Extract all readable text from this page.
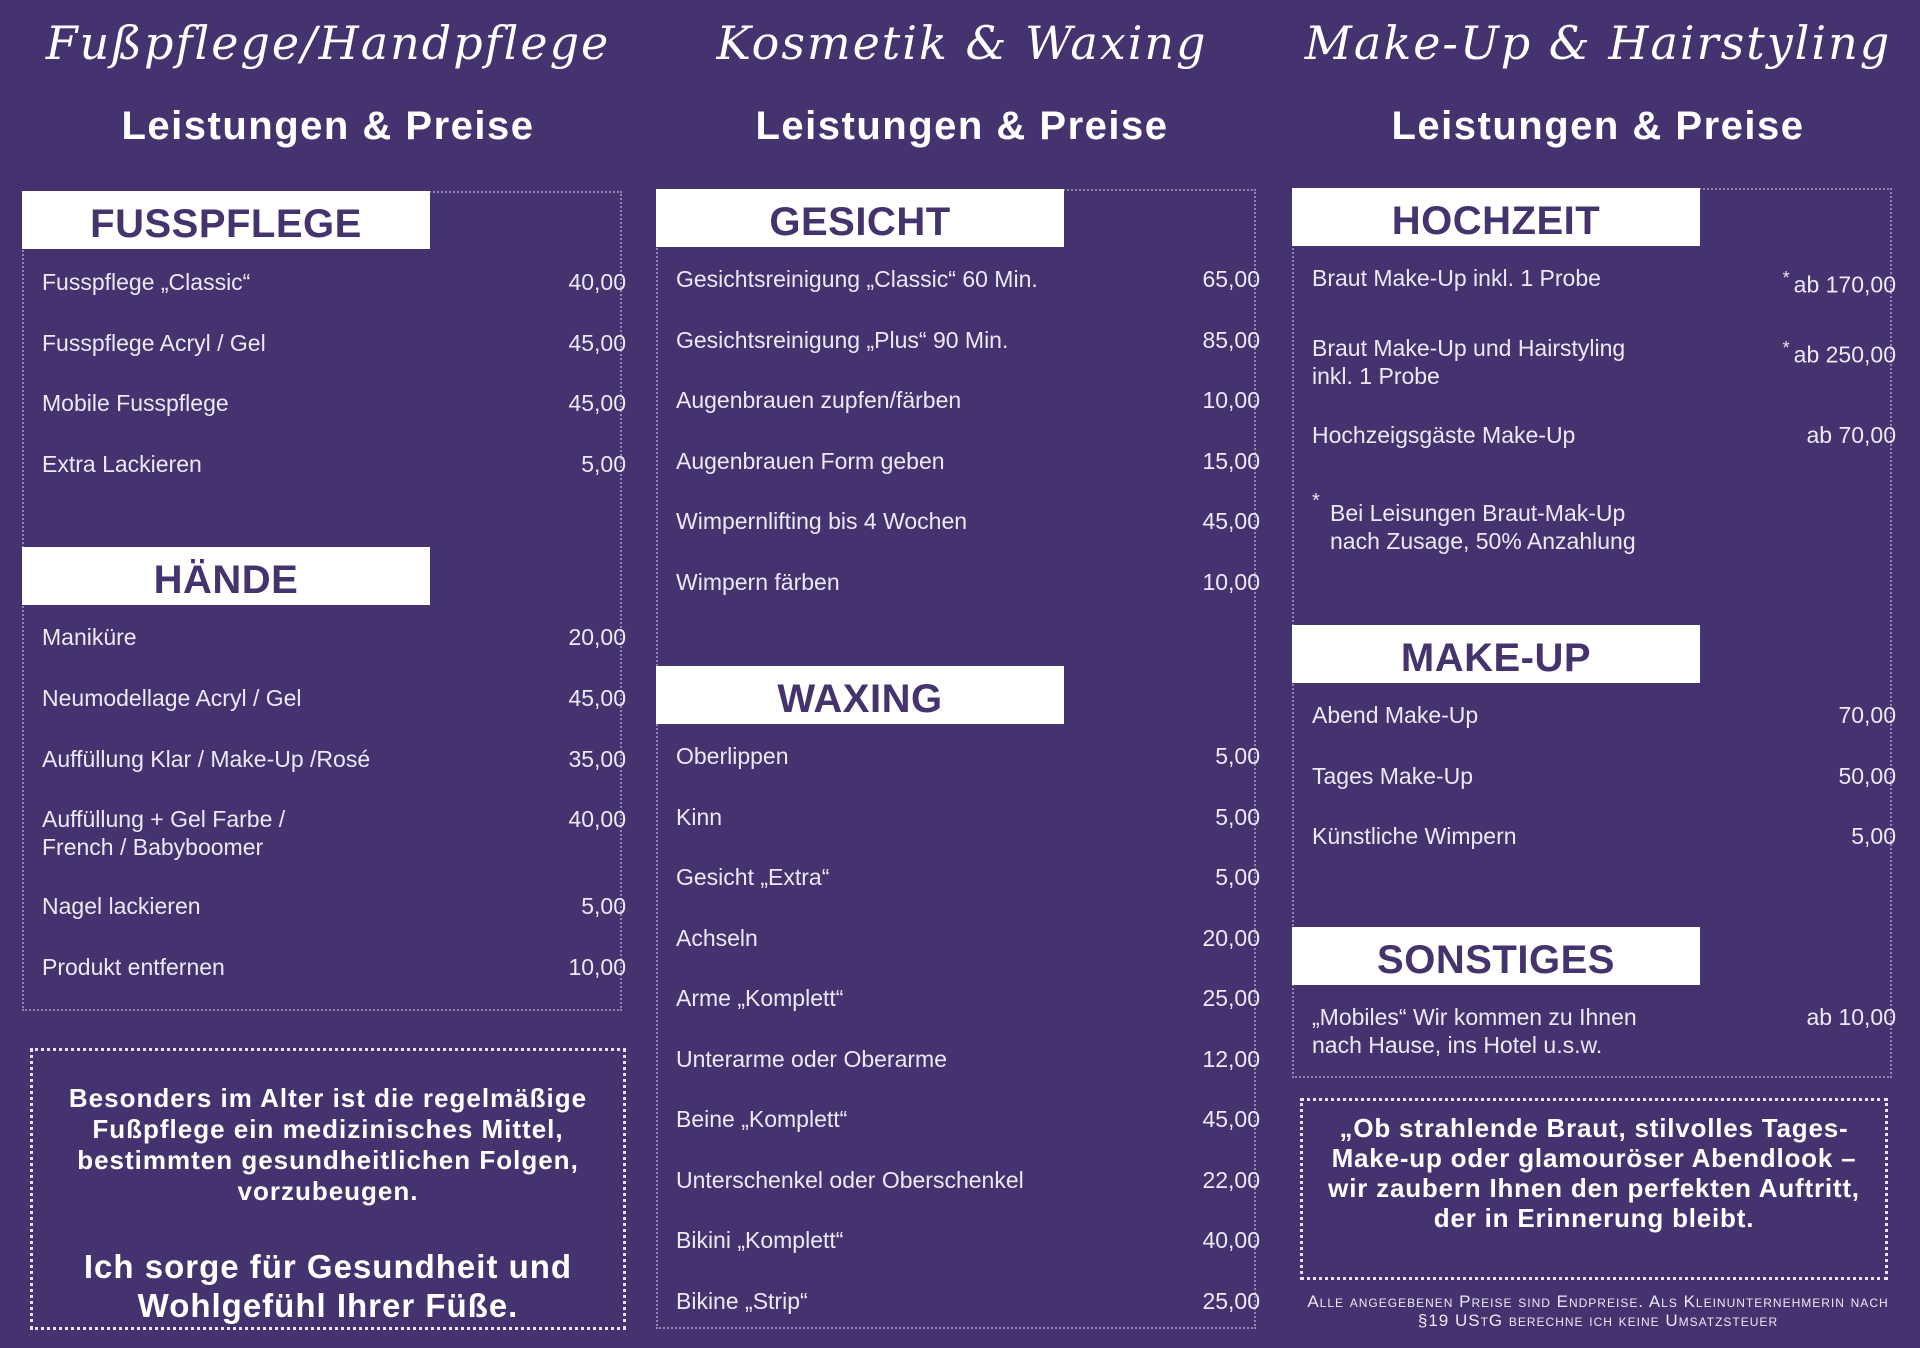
Fußpflege/Handpflege
Leistungen & Preise
FUSSPFLEGE
Fusspflege „Classic“	40,00
Fusspflege Acryl / Gel	45,00
Mobile Fusspflege	45,00
Extra Lackieren	5,00
HÄNDE
Maniküre	20,00
Neumodellage Acryl / Gel	45,00
Auffüllung Klar / Make-Up /Rosé	35,00
Auffüllung + Gel Farbe / French / Babyboomer
40,00
Nagel lackieren	5,00
Produkt entfernen	10,00
Besonders im Alter ist die regelmäßige Fußpflege ein medizinisches Mittel, bestimmten gesundheitlichen Folgen, vorzubeugen.
Ich sorge für Gesundheit und Wohlgefühl Ihrer Füße.
Kosmetik & Waxing
Leistungen & Preise
GESICHT
Gesichtsreinigung „Classic“ 60 Min.	65,00
Gesichtsreinigung „Plus“ 90 Min.	85,00
Augenbrauen zupfen/färben	10,00
Augenbrauen Form geben	15,00
Wimpernlifting bis 4 Wochen	45,00
Wimpern färben	10,00
WAXING
Oberlippen	5,00
Kinn	5,00
Gesicht „Extra“	5,00
Achseln	20,00
Arme „Komplett“	25,00
Unterarme oder Oberarme	12,00
Beine „Komplett“	45,00
Unterschenkel oder Oberschenkel	22,00
Bikini „Komplett“	40,00
Bikine „Strip“	25,00
Make-Up & Hairstyling
Leistungen & Preise
HOCHZEIT
Braut Make-Up inkl. 1 Probe	* ab 170,00
Braut Make-Up und Hairstyling inkl. 1 Probe
* ab 250,00
Hochzeigsgäste Make-Up	ab 70,00
* Bei Leisungen Braut-Mak-Up nach Zusage, 50% Anzahlung
MAKE-UP
Abend Make-Up	70,00
Tages Make-Up	50,00
Künstliche Wimpern	5,00
SONSTIGES
„Mobiles“ Wir kommen zu Ihnen nach Hause, ins Hotel u.s.w.
ab 10,00
„Ob strahlende Braut, stilvolles Tages-Make-up oder glamouröser Abendlook – wir zaubern Ihnen den perfekten Auftritt, der in Erinnerung bleibt.
Alle angegebenen Preise sind Endpreise. Als Kleinunternehmerin nach §19 UStG berechne ich keine Umsatzsteuer
